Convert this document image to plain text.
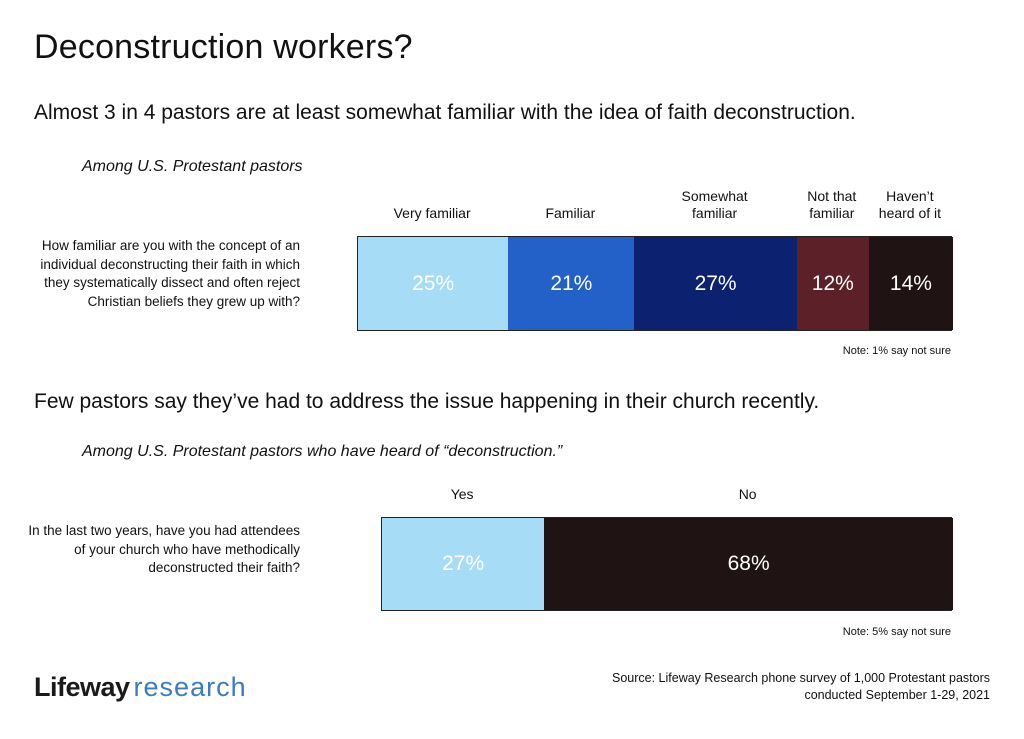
Deconstruction workers?
Almost 3 in 4 pastors are at least somewhat familiar with the idea of faith deconstruction.
Among U.S. Protestant pastors
How familiar are you with the concept of an individual deconstructing their faith in which they systematically dissect and often reject Christian beliefs they grew up with?
Very familiar	Familiar
Somewhat
familiar
Not that
familiar
Haven’t
heard of it
25%	21%	27%	12% 14%
Note: 1% say not sure
Few pastors say they’ve had to address the issue happening in their church recently.
Among U.S. Protestant pastors who have heard of “deconstruction.”
In the last two years, have you had attendees of your church who have methodically deconstructed their faith?
Yes	No
27%	68%
Note: 5% say not sure
Lifeway research	Source: Lifeway Research phone survey of 1,000 Protestant pastors
conducted September 1-29, 2021
